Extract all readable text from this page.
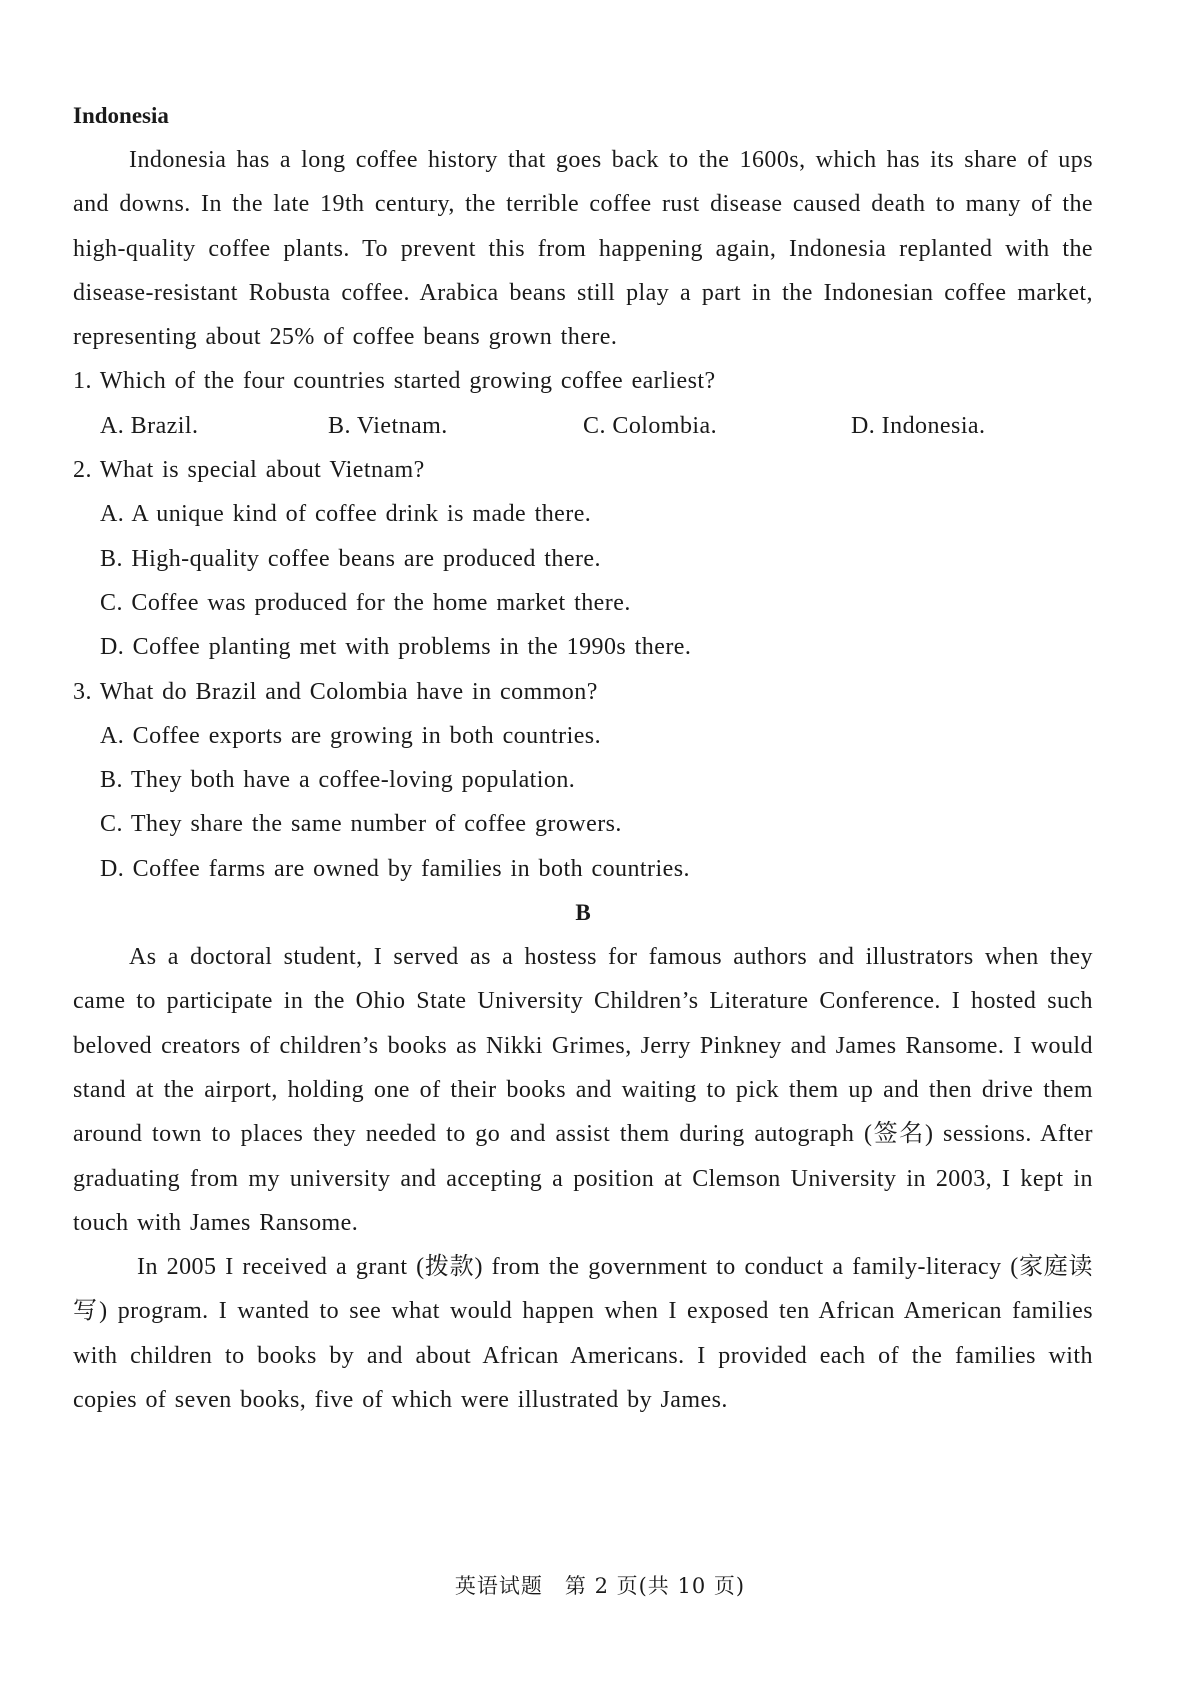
Indonesia

Indonesia has a long coffee history that goes back to the 1600s, which has its share of ups and downs. In the late 19th century, the terrible coffee rust disease caused death to many of the high-quality coffee plants. To prevent this from happening again, Indonesia replanted with the disease-resistant Robusta coffee. Arabica beans still play a part in the Indonesian coffee market, representing about 25% of coffee beans grown there.

1. Which of the four countries started growing coffee earliest?

A. Brazil.	B. Vietnam.	C. Colombia.	D. Indonesia.

2. What is special about Vietnam?

A. A unique kind of coffee drink is made there.

B. High-quality coffee beans are produced there.

C. Coffee was produced for the home market there.

D. Coffee planting met with problems in the 1990s there.

3. What do Brazil and Colombia have in common?

A. Coffee exports are growing in both countries.

B. They both have a coffee-loving population.

C. They share the same number of coffee growers.

D. Coffee farms are owned by families in both countries.

B

As a doctoral student, I served as a hostess for famous authors and illustrators when they came to participate in the Ohio State University Children’s Literature Conference. I hosted such beloved creators of children’s books as Nikki Grimes, Jerry Pinkney and James Ransome. I would stand at the airport, holding one of their books and waiting to pick them up and then drive them around town to places they needed to go and assist them during autograph (签名) sessions. After graduating from my university and accepting a position at Clemson University in 2003, I kept in touch with James Ransome.

In 2005 I received a grant (拨款) from the government to conduct a family-literacy (家庭读写) program. I wanted to see what would happen when I exposed ten African American families with children to books by and about African Americans. I provided each of the families with copies of seven books, five of which were illustrated by James.

英语试题　第 2 页(共 10 页)
